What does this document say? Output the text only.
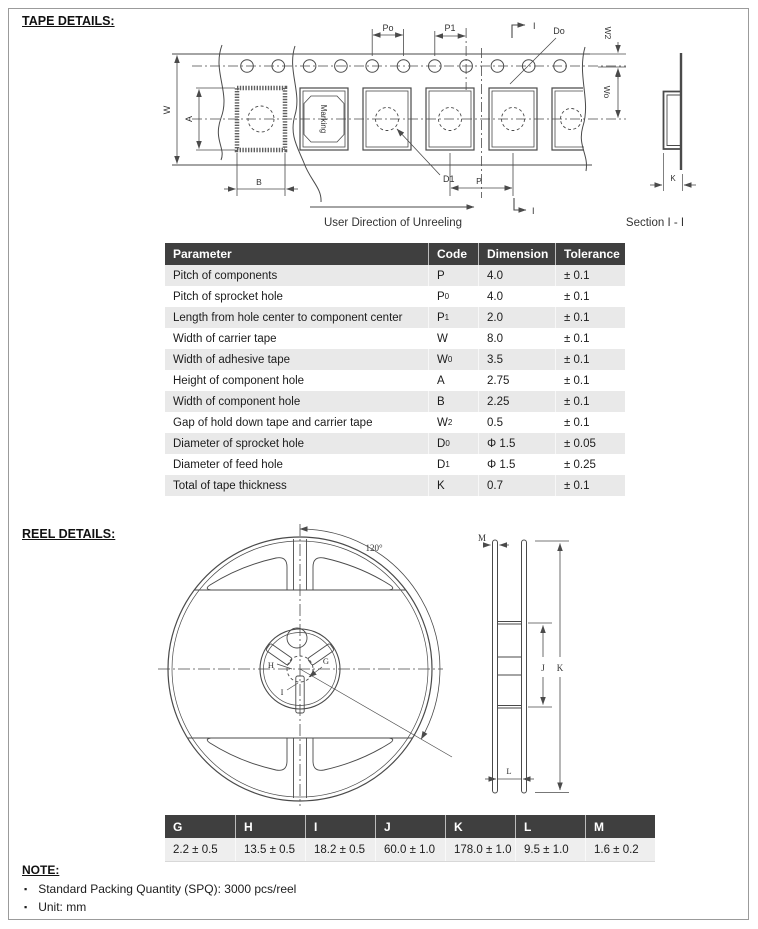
TAPE DETAILS:
REEL DETAILS:
Marking
W
A
Po	P1	I
I
Do	W2
Wo
B	P
D1
User Direction of Unreeling
K
Section I - I
120°
H	G
I
M
J K
L
Parameter	Code	Dimension	Tolerance
Pitch of components	P	4.0	± 0.1
Pitch of sprocket hole	P 0	4.0	± 0.1
Length from hole center to component center	P 1	2.0	± 0.1
Width of carrier tape	W	8.0	± 0.1
Width of adhesive tape	W 0	3.5	± 0.1
Height of component hole	A	2.75	± 0.1
Width of component hole	B	2.25	± 0.1
Gap of hold down tape and carrier tape	W 2	0.5	± 0.1
Diameter of sprocket hole	D 0	Φ 1.5	± 0.05
Diameter of feed hole	D 1	Φ 1.5	± 0.25
Total of tape thickness	K	0.7	± 0.1
G	H	I	J	K	L	M
2.2 ± 0.5	13.5 ± 0.5	18.2 ± 0.5	60.0 ± 1.0	178.0 ± 1.0	9.5 ± 1.0	1.6 ± 0.2
NOTE:
▪ Standard Packing Quantity (SPQ): 3000 pcs/reel
▪ Unit: mm
